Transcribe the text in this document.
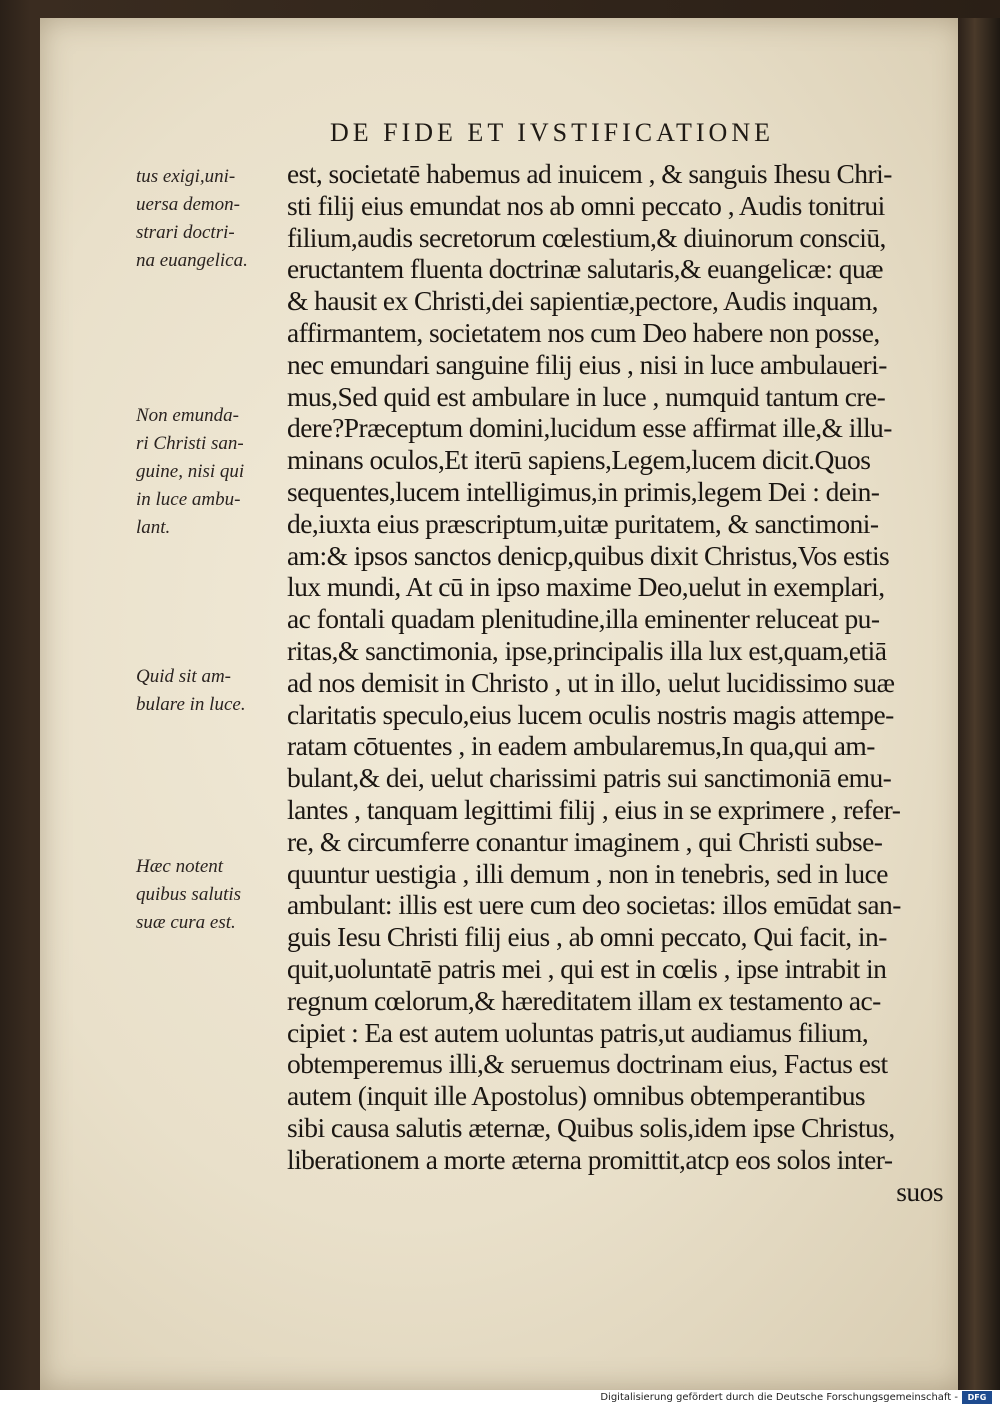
DE FIDE ET IVSTIFICATIONE
est, societatē habemus ad inuicem , & sanguis Ihesu Chri-
sti filij eius emundat nos ab omni peccato , Audis tonitrui
filium,audis secretorum cœlestium,& diuinorum consciū,
eructantem fluenta doctrinæ salutaris,& euangelicæ: quæ
& hausit ex Christi,dei sapientiæ,pectore, Audis inquam,
affirmantem, societatem nos cum Deo habere non posse,
nec emundari sanguine filij eius , nisi in luce ambulaueri-
mus,Sed quid est ambulare in luce , numquid tantum cre-
dere?Præceptum domini,lucidum esse affirmat ille,& illu-
minans oculos,Et iterū sapiens,Legem,lucem dicit.Quos
sequentes,lucem intelligimus,in primis,legem Dei : dein-
de,iuxta eius præscriptum,uitæ puritatem, & sanctimoni-
am:& ipsos sanctos denicp,quibus dixit Christus,Vos estis
lux mundi, At cū in ipso maxime Deo,uelut in exemplari,
ac fontali quadam plenitudine,illa eminenter reluceat pu-
ritas,& sanctimonia, ipse,principalis illa lux est,quam,etiā
ad nos demisit in Christo , ut in illo, uelut lucidissimo suæ
claritatis speculo,eius lucem oculis nostris magis attempe-
ratam cōtuentes , in eadem ambularemus,In qua,qui am-
bulant,& dei, uelut charissimi patris sui sanctimoniā emu-
lantes , tanquam legittimi filij , eius in se exprimere , refer-
re, & circumferre conantur imaginem , qui Christi subse-
quuntur uestigia , illi demum , non in tenebris, sed in luce
ambulant: illis est uere cum deo societas: illos emūdat san-
guis Iesu Christi filij eius , ab omni peccato, Qui facit, in-
quit,uoluntatē patris mei , qui est in cœlis , ipse intrabit in
regnum cœlorum,& hæreditatem illam ex testamento ac-
cipiet : Ea est autem uoluntas patris,ut audiamus filium,
obtemperemus illi,& seruemus doctrinam eius, Factus est
autem (inquit ille Apostolus) omnibus obtemperantibus
sibi causa salutis æternæ, Quibus solis,idem ipse Christus,
liberationem a morte æterna promittit,atcp eos solos inter-
suos
tus exigi,uni-
uersa demon-
strari doctri-
na euangelica.
Non emunda-
ri Christi san-
guine, nisi qui
in luce ambu-
lant.
Quid sit am-
bulare in luce.
Hæc notent
quibus salutis
suæ cura est.
Digitalisierung gefördert durch die Deutsche Forschungsgemeinschaft -	DFG
